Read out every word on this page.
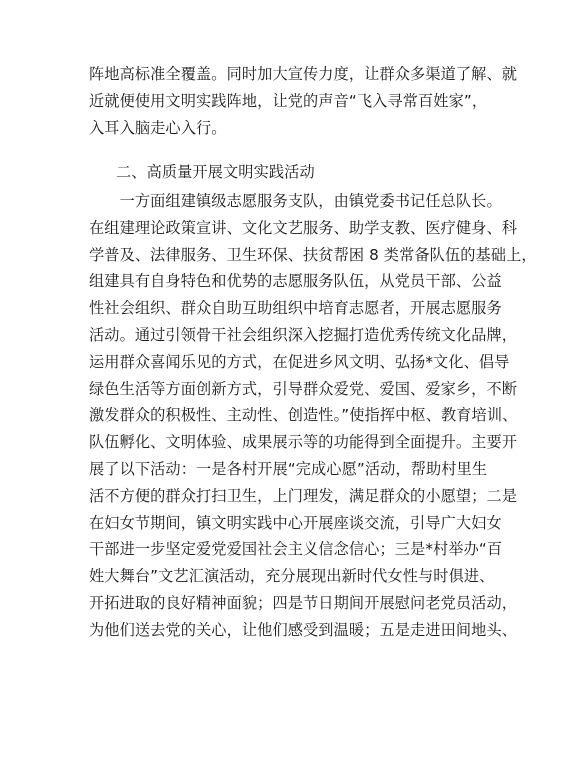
阵地高标准全覆盖。同时加大宣传力度，让群众多渠道了解、就
近就便使用文明实践阵地，让党的声音“飞入寻常百姓家”，
入耳入脑走心入行。
二、高质量开展文明实践活动
　　一方面组建镇级志愿服务支队，由镇党委书记任总队长。
在组建理论政策宣讲、文化文艺服务、助学支教、医疗健身、科
学普及、法律服务、卫生环保、扶贫帮困 8 类常备队伍的基础上，
组建具有自身特色和优势的志愿服务队伍，从党员干部、公益
性社会组织、群众自助互助组织中培育志愿者，开展志愿服务
活动。通过引领骨干社会组织深入挖掘打造优秀传统文化品牌，
运用群众喜闻乐见的方式，在促进乡风文明、弘扬*文化、倡导
绿色生活等方面创新方式，引导群众爱党、爱国、爱家乡，不断
激发群众的积极性、主动性、创造性。”使指挥中枢、教育培训、
队伍孵化、文明体验、成果展示等的功能得到全面提升。主要开
展了以下活动：一是各村开展“完成心愿”活动，帮助村里生
活不方便的群众打扫卫生，上门理发，满足群众的小愿望；二是
在妇女节期间，镇文明实践中心开展座谈交流，引导广大妇女
干部进一步坚定爱党爱国社会主义信念信心；三是*村举办“百
姓大舞台”文艺汇演活动，充分展现出新时代女性与时俱进、
开拓进取的良好精神面貌；四是节日期间开展慰问老党员活动，
为他们送去党的关心，让他们感受到温暖；五是走进田间地头、
